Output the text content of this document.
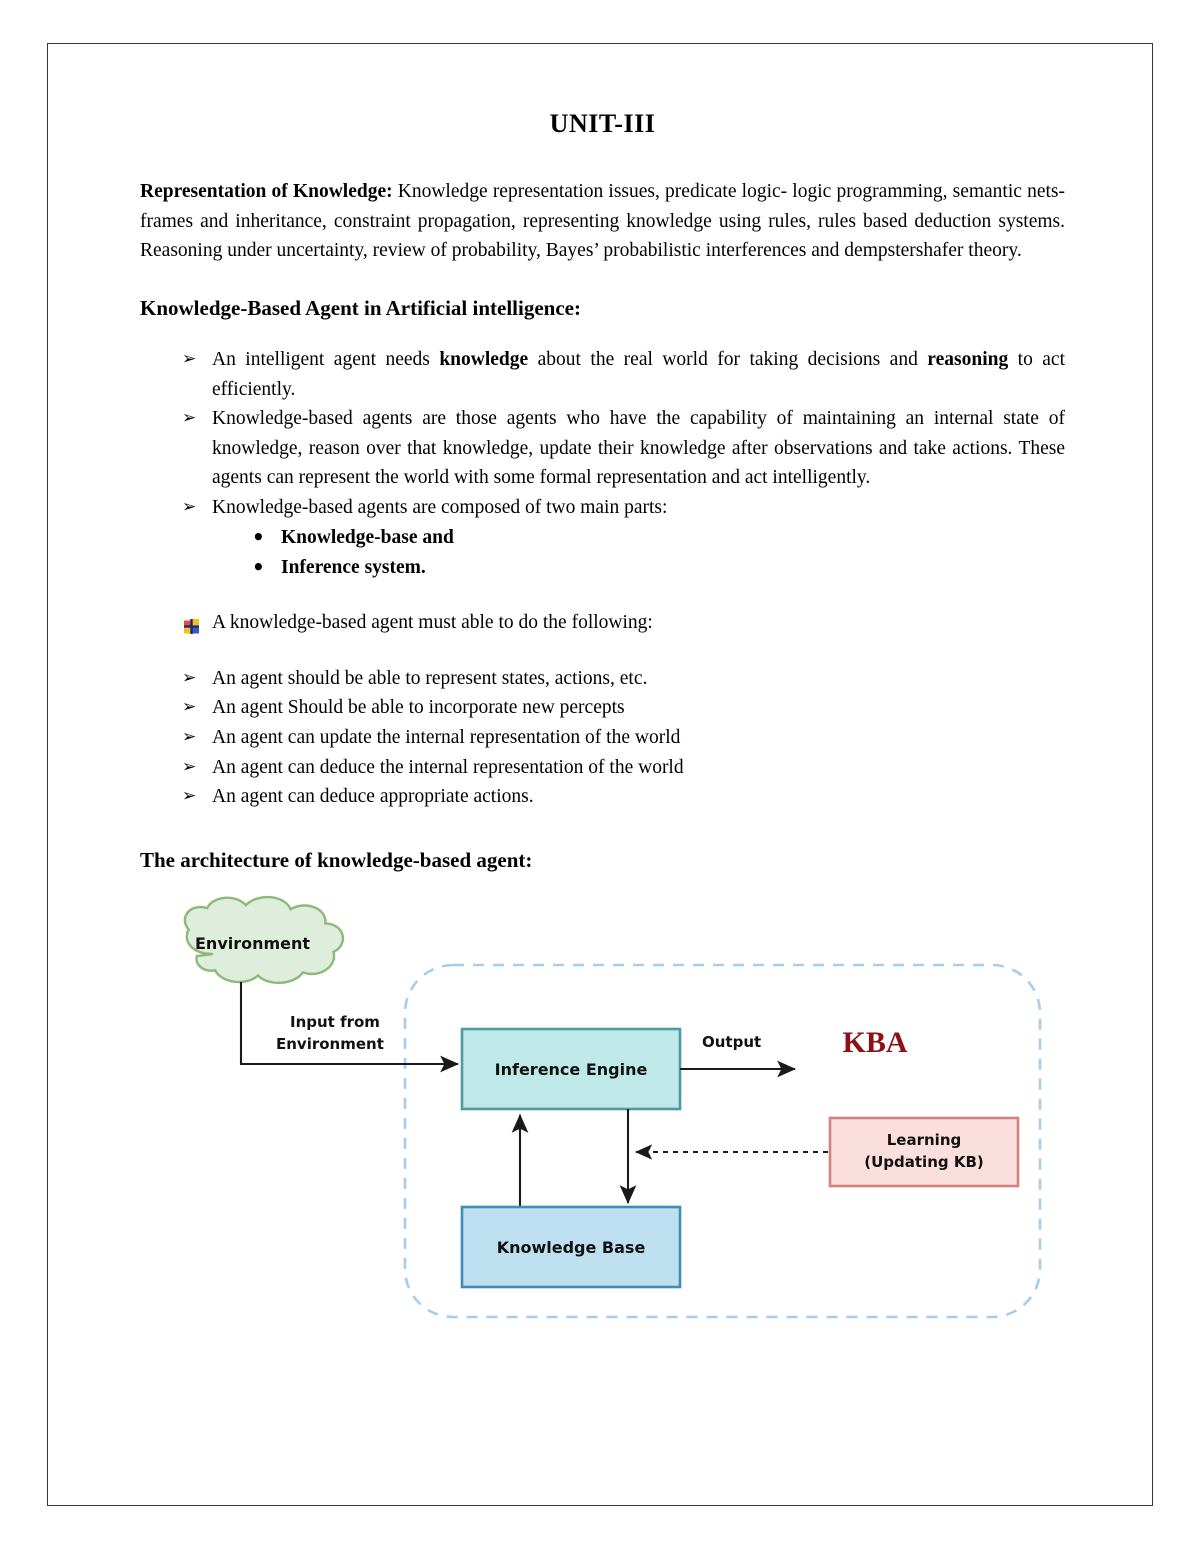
UNIT-III

Representation of Knowledge: Knowledge representation issues, predicate logic- logic programming, semantic nets- frames and inheritance, constraint propagation, representing knowledge using rules, rules based deduction systems. Reasoning under uncertainty, review of probability, Bayes’ probabilistic interferences and dempstershafer theory.

Knowledge-Based Agent in Artificial intelligence:
➢ An intelligent agent needs knowledge about the real world for taking decisions and reasoning to act efficiently.
➢ Knowledge-based agents are those agents who have the capability of maintaining an internal state of knowledge, reason over that knowledge, update their knowledge after observations and take actions. These agents can represent the world with some formal representation and act intelligently.
➢ Knowledge-based agents are composed of two main parts:
• Knowledge-base and
• Inference system.
A knowledge-based agent must able to do the following:
➢ An agent should be able to represent states, actions, etc.
➢ An agent Should be able to incorporate new percepts
➢ An agent can update the internal representation of the world
➢ An agent can deduce the internal representation of the world
➢ An agent can deduce appropriate actions.
The architecture of knowledge-based agent:
Environment
Input from
Environment
Inference Engine
Output	KBA
Learning
(Updating KB)
Knowledge Base
